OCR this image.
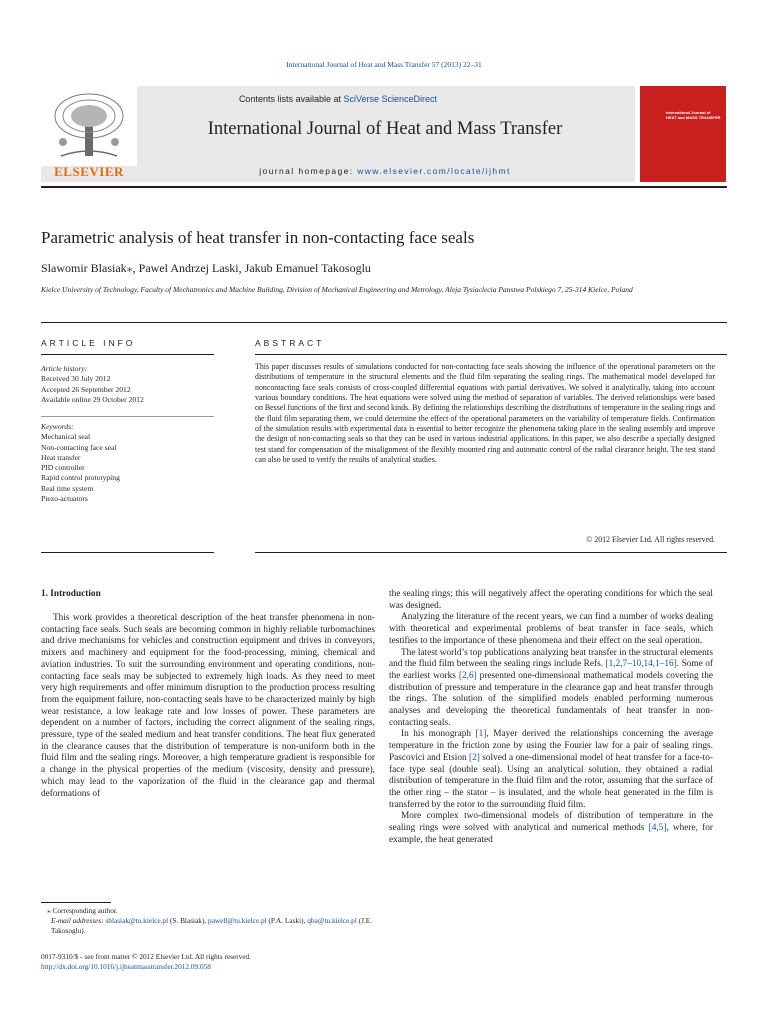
International Journal of Heat and Mass Transfer 57 (2013) 22–31
ELSEVIER
Contents lists available at SciVerse ScienceDirect
International Journal of Heat and Mass Transfer
journal homepage: www.elsevier.com/locate/ijhmt
International Journal of HEAT and MASS TRANSFER
Parametric analysis of heat transfer in non-contacting face seals
Slawomir Blasiak⁎, Pawel Andrzej Laski, Jakub Emanuel Takosoglu
Kielce University of Technology, Faculty of Mechatronics and Machine Building, Division of Mechanical Engineering and Metrology, Aleja Tysiaclecia Panstwa Polskiego 7, 25-314 Kielce, Poland
ARTICLE INFO
Article history:
Received 30 July 2012
Accepted 26 September 2012
Available online 29 October 2012
Keywords:
Mechanical seal
Non-contacting face seal
Heat transfer
PID controller
Rapid control prototyping
Real time system
Piezo-actuators
ABSTRACT
This paper discusses results of simulations conducted for non-contacting face seals showing the influence of the operational parameters on the distributions of temperature in the structural elements and the fluid film separating the sealing rings. The mathematical model developed for noncontacting face seals consists of cross-coupled differential equations with partial derivatives. We solved it analytically, taking into account various boundary conditions. The heat equations were solved using the method of separation of variables. The derived relationships were based on Bessel functions of the first and second kinds. By defining the relationships describing the distributions of temperature in the sealing rings and the fluid film separating them, we could determine the effect of the operational parameters on the variability of temperature fields. Confirmation of the simulation results with experimental data is essential to better recognize the phenomena taking place in the sealing assembly and improve the design of non-contacting seals so that they can be used in various industrial applications. In this paper, we also describe a specially designed test stand for compensation of the misalignment of the flexibly mounted ring and automatic control of the radial clearance height. The test stand can also be used to verify the results of analytical studies.
© 2012 Elsevier Ltd. All rights reserved.
1. Introduction

This work provides a theoretical description of the heat transfer phenomena in non-contacting face seals. Such seals are becoming common in highly reliable turbomachines and drive mechanisms for vehicles and construction equipment and drives in conveyors, mixers and machinery and equipment for the food-processing, mining, chemical and aviation industries. To suit the surrounding environment and operating conditions, non-contacting face seals may be subjected to extremely high loads. As they need to meet very high requirements and offer minimum disruption to the production process resulting from the equipment failure, non-contacting seals have to be characterized mainly by high wear resistance, a low leakage rate and low losses of power. These parameters are dependent on a number of factors, including the correct alignment of the sealing rings, pressure, type of the sealed medium and heat transfer conditions. The heat flux generated in the clearance causes that the distribution of temperature is non-uniform both in the fluid film and the sealing rings. Moreover, a high temperature gradient is responsible for a change in the physical properties of the medium (viscosity, density and pressure), which may lead to the vaporization of the fluid in the clearance gap and thermal deformations of

the sealing rings; this will negatively affect the operating conditions for which the seal was designed.

Analyzing the literature of the recent years, we can find a number of works dealing with theoretical and experimental problems of heat transfer in face seals, which testifies to the importance of these phenomena and their effect on the seal operation.

The latest world’s top publications analyzing heat transfer in the structural elements and the fluid film between the sealing rings include Refs. [1,2,7–10,14,1–16]. Some of the earliest works [2,6] presented one-dimensional mathematical models covering the distribution of pressure and temperature in the clearance gap and heat transfer through the rings. The solution of the simplified models enabled performing numerous analyses and developing the theoretical fundamentals of heat transfer in non-contacting seals.

In his monograph [1], Mayer derived the relationships concerning the average temperature in the friction zone by using the Fourier law for a pair of sealing rings. Pascovici and Etsion [2] solved a one-dimensional model of heat transfer for a face-to-face type seal (double seal). Using an analytical solution, they obtained a radial distribution of temperature in the fluid film and the rotor, assuming that the surface of the other ring – the stator – is insulated, and the whole heat generated in the film is transferred by the rotor to the surrounding fluid film.

More complex two-dimensional models of distribution of temperature in the sealing rings were solved with analytical and numerical methods [4,5], where, for example, the heat generated

⁎ Corresponding author.
E-mail addresses: sblasiak@tu.kielce.pl (S. Blasiak), pawell@tu.kielce.pl (P.A. Laski), qba@tu.kielce.pl (J.E. Takosoglu).
0017-9310/$ - see front matter © 2012 Elsevier Ltd. All rights reserved.
http://dx.doi.org/10.1016/j.ijheatmasstransfer.2012.09.058
